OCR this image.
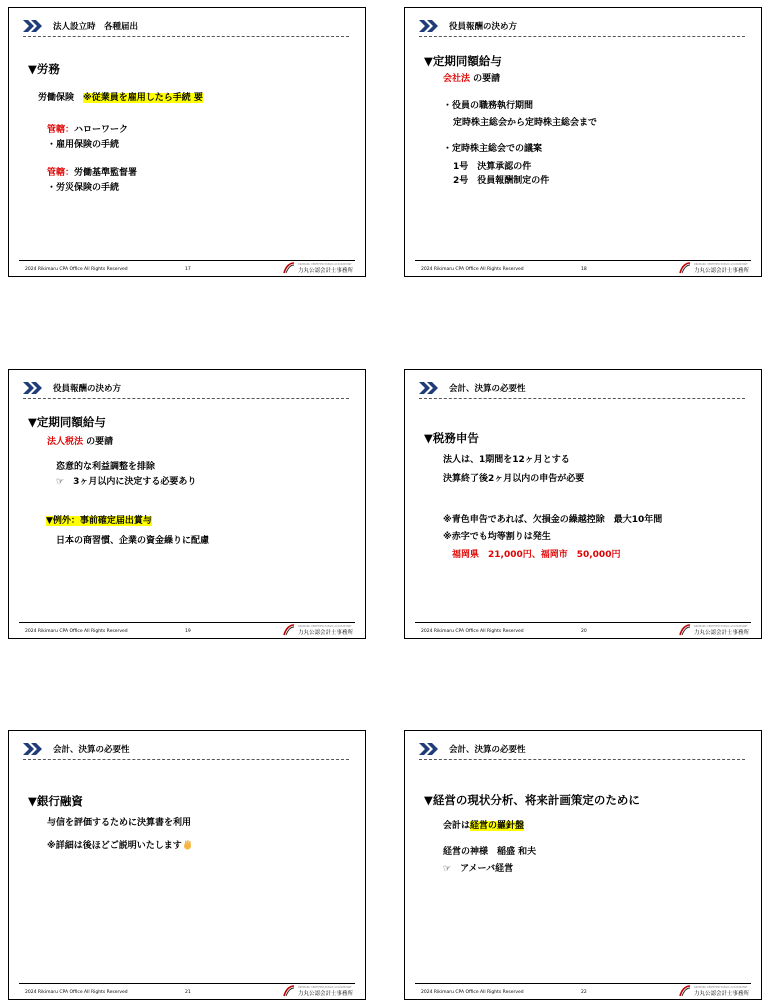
法人設立時　各種届出
▼労務
労働保険　※従業員を雇用したら手続 要
管轄：ハローワーク
・雇用保険の手続
管轄：労働基準監督署
・労災保険の手続
2024 Rikimaru CPA Office All Rights Reserved	17
RIKIMARU CERTIFIED PUBLIC ACCOUNTANT
力丸公認会計士事務所
役員報酬の決め方
▼定期同額給与
会社法 の要請
・役員の職務執行期間
定時株主総会から定時株主総会まで
・定時株主総会での議案
1号　決算承認の件
2号　役員報酬制定の件
2024 Rikimaru CPA Office All Rights Reserved	18
RIKIMARU CERTIFIED PUBLIC ACCOUNTANT
力丸公認会計士事務所
役員報酬の決め方
▼定期同額給与
法人税法 の要請
恣意的な利益調整を排除
☞　3ヶ月以内に決定する必要あり
▼例外：事前確定届出賞与
日本の商習慣、企業の資金繰りに配慮
2024 Rikimaru CPA Office All Rights Reserved	19
RIKIMARU CERTIFIED PUBLIC ACCOUNTANT
力丸公認会計士事務所
会計、決算の必要性
▼税務申告
法人は、1期間を12ヶ月とする
決算終了後2ヶ月以内の申告が必要
※青色申告であれば、欠損金の繰越控除　最大10年間
※赤字でも均等割りは発生
福岡県　21,000円、福岡市　50,000円
2024 Rikimaru CPA Office All Rights Reserved	20
RIKIMARU CERTIFIED PUBLIC ACCOUNTANT
力丸公認会計士事務所
会計、決算の必要性
▼銀行融資
与信を評価するために決算書を利用
※詳細は後ほどご説明いたします
2024 Rikimaru CPA Office All Rights Reserved	21
RIKIMARU CERTIFIED PUBLIC ACCOUNTANT
力丸公認会計士事務所
会計、決算の必要性
▼経営の現状分析、将来計画策定のために
会計は経営の羅針盤
経営の神様　稲盛 和夫
☞　アメーバ経営
2024 Rikimaru CPA Office All Rights Reserved	22
RIKIMARU CERTIFIED PUBLIC ACCOUNTANT
力丸公認会計士事務所
